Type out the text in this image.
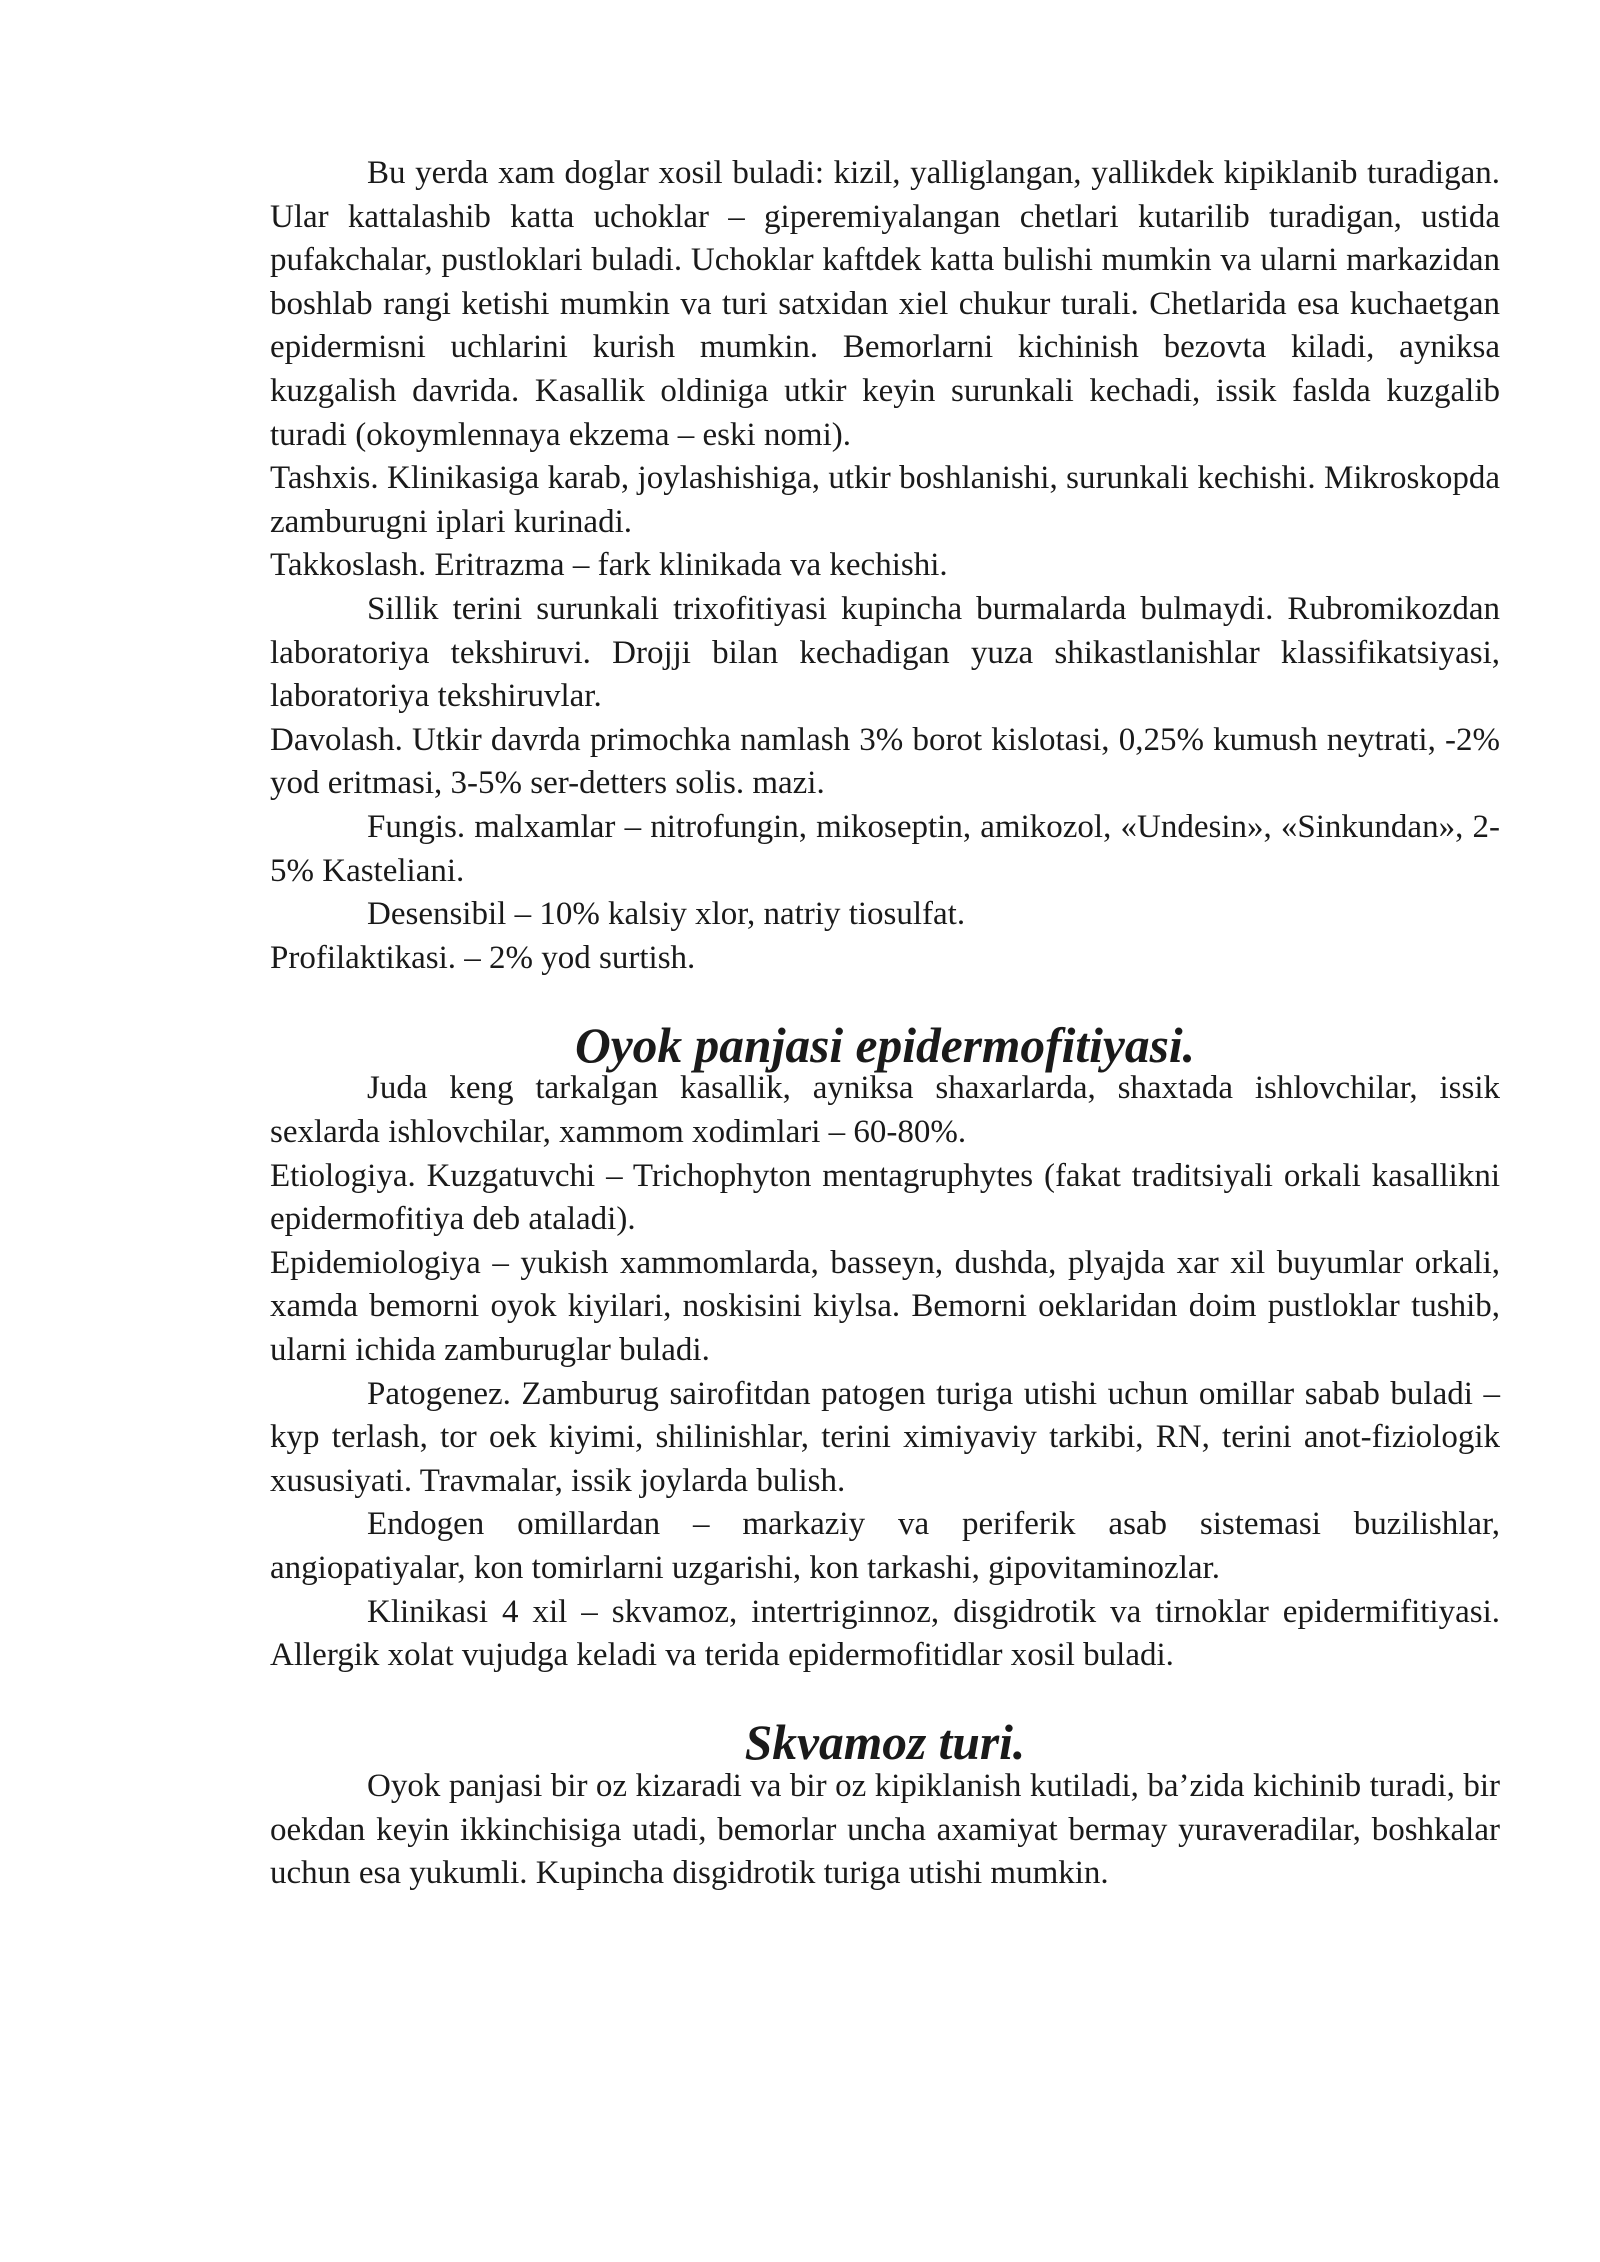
Bu yerda xam doglar xosil buladi: kizil, yalliglangan, yallikdek kipiklanib turadigan. Ular kattalashib katta uchoklar – giperemiyalangan chetlari kutarilib turadigan, ustida pufakchalar, pustloklari buladi. Uchoklar kaftdek katta bulishi mumkin va ularni markazidan boshlab rangi ketishi mumkin va turi satxidan xiel chukur turali. Chetlarida esa kuchaetgan epidermisni uchlarini kurish mumkin. Bemorlarni kichinish bezovta kiladi, ayniksa kuzgalish davrida. Kasallik oldiniga utkir keyin surunkali kechadi, issik faslda kuzgalib turadi (okoymlennaya ekzema – eski nomi).

Tashxis. Klinikasiga karab, joylashishiga, utkir boshlanishi, surunkali kechishi. Mikroskopda zamburugni iplari kurinadi.

Takkoslash. Eritrazma – fark klinikada va kechishi.

Sillik terini surunkali trixofitiyasi kupincha burmalarda bulmaydi. Rubromikozdan laboratoriya tekshiruvi. Drojji bilan kechadigan yuza shikastlanishlar klassifikatsiyasi, laboratoriya tekshiruvlar.

Davolash. Utkir davrda primochka namlash 3% borot kislotasi, 0,25% kumush neytrati, -2% yod eritmasi, 3-5% ser-detters solis. mazi.

Fungis. malxamlar – nitrofungin, mikoseptin, amikozol, «Undesin», «Sinkundan», 2-5% Kasteliani.

Desensibil – 10% kalsiy xlor, natriy tiosulfat.

Profilaktikasi. – 2% yod surtish.

Oyok panjasi epidermofitiyasi.

Juda keng tarkalgan kasallik, ayniksa shaxarlarda, shaxtada ishlovchilar, issik sexlarda ishlovchilar, xammom xodimlari – 60-80%.

Etiologiya. Kuzgatuvchi – Trichophyton mentagruphytes (fakat traditsiyali orkali kasallikni epidermofitiya deb ataladi).

Epidemiologiya – yukish xammomlarda, basseyn, dushda, plyajda xar xil buyumlar orkali, xamda bemorni oyok kiyilari, noskisini kiylsa. Bemorni oeklaridan doim pustloklar tushib, ularni ichida zamburuglar buladi.

Patogenez. Zamburug sairofitdan patogen turiga utishi uchun omillar sabab buladi – kyp terlash, tor oek kiyimi, shilinishlar, terini ximiyaviy tarkibi, RN, terini anot-fiziologik xususiyati. Travmalar, issik joylarda bulish.

Endogen omillardan – markaziy va periferik asab sistemasi buzilishlar, angiopatiyalar, kon tomirlarni uzgarishi, kon tarkashi, gipovitaminozlar.

Klinikasi 4 xil – skvamoz, intertriginnoz, disgidrotik va tirnoklar epidermifitiyasi. Allergik xolat vujudga keladi va terida epidermofitidlar xosil buladi.

Skvamoz turi.

Oyok panjasi bir oz kizaradi va bir oz kipiklanish kutiladi, ba’zida kichinib turadi, bir oekdan keyin ikkinchisiga utadi, bemorlar uncha axamiyat bermay yuraveradilar, boshkalar uchun esa yukumli. Kupincha disgidrotik turiga utishi mumkin.
